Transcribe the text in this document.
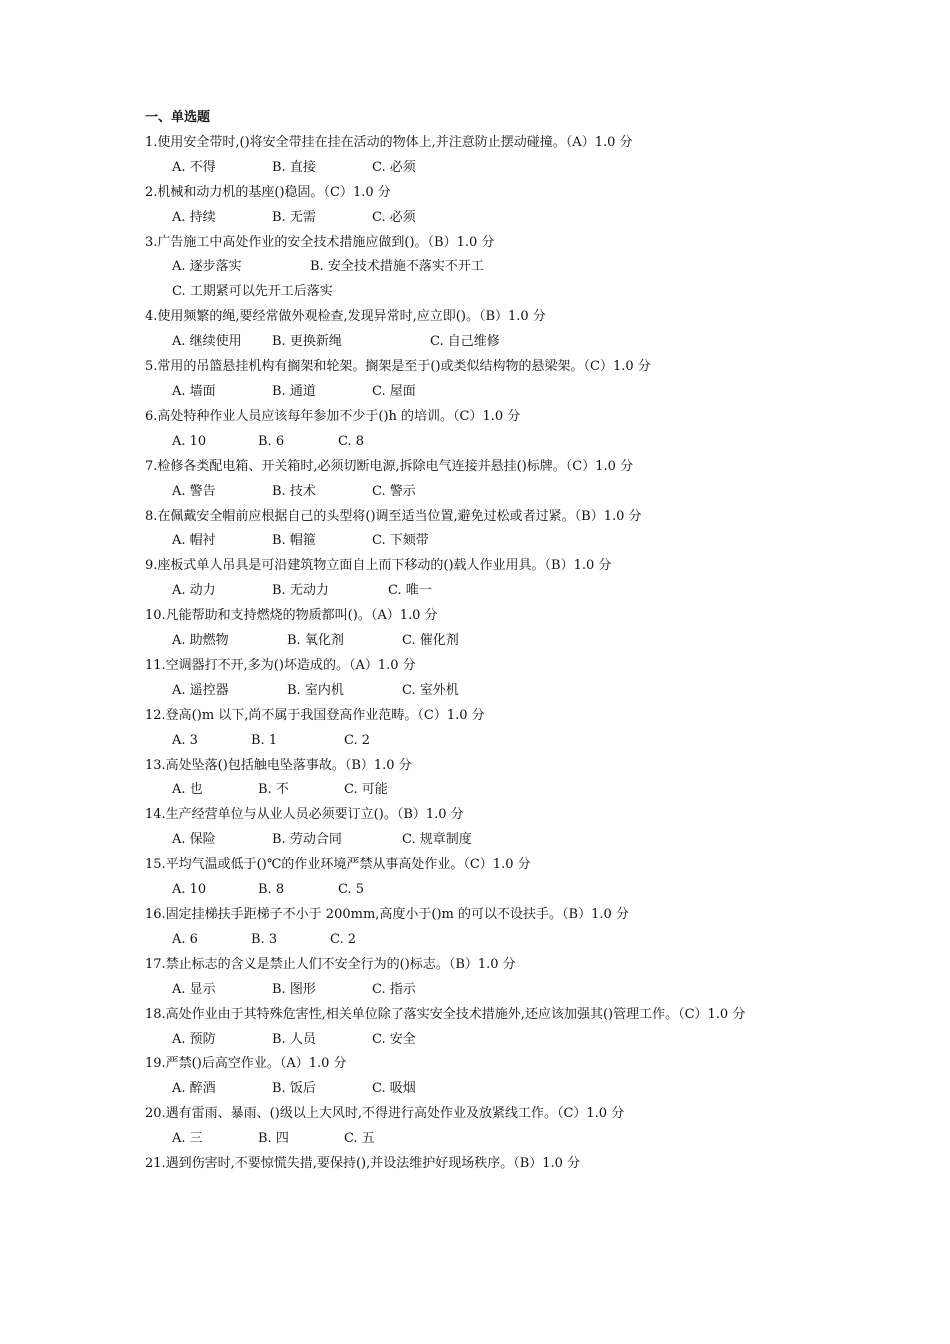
一、单选题
1.使用安全带时,()将安全带挂在挂在活动的物体上,并注意防止摆动碰撞。（A）1.0 分
A. 不得	B. 直接	C. 必须
2.机械和动力机的基座()稳固。（C）1.0 分
A. 持续	B. 无需	C. 必须
3.广告施工中高处作业的安全技术措施应做到()。（B）1.0 分
A. 逐步落实	B. 安全技术措施不落实不开工
C. 工期紧可以先开工后落实
4.使用频繁的绳,要经常做外观检查,发现异常时,应立即()。（B）1.0 分
A. 继续使用 B. 更换新绳	C. 自己维修
5.常用的吊篮悬挂机构有搁架和轮架。搁架是至于()或类似结构物的悬梁架。（C）1.0 分
A. 墙面	B. 通道	C. 屋面
6.高处特种作业人员应该每年参加不少于()h 的培训。（C）1.0 分
A. 10	B. 6	C. 8
7.检修各类配电箱、开关箱时,必须切断电源,拆除电气连接并悬挂()标牌。（C）1.0 分
A. 警告	B. 技术	C. 警示
8.在佩戴安全帽前应根据自己的头型将()调至适当位置,避免过松或者过紧。（B）1.0 分
A. 帽衬	B. 帽箍	C. 下颏带
9.座板式单人吊具是可沿建筑物立面自上而下移动的()载人作业用具。（B）1.0 分
A. 动力	B. 无动力	C. 唯一
10.凡能帮助和支持燃烧的物质都叫()。（A）1.0 分
A. 助燃物	B. 氧化剂	C. 催化剂
11.空调器打不开,多为()坏造成的。（A）1.0 分
A. 遥控器	B. 室内机	C. 室外机
12.登高()m 以下,尚不属于我国登高作业范畴。（C）1.0 分
A. 3	B. 1	C. 2
13.高处坠落()包括触电坠落事故。（B）1.0 分
A. 也	B. 不	C. 可能
14.生产经营单位与从业人员必须要订立()。（B）1.0 分
A. 保险	B. 劳动合同	C. 规章制度
15.平均气温或低于()℃的作业环境严禁从事高处作业。（C）1.0 分
A. 10	B. 8	C. 5
16.固定挂梯扶手距梯子不小于 200mm,高度小于()m 的可以不设扶手。（B）1.0 分
A. 6	B. 3	C. 2
17.禁止标志的含义是禁止人们不安全行为的()标志。（B）1.0 分
A. 显示	B. 图形	C. 指示
18.高处作业由于其特殊危害性,相关单位除了落实安全技术措施外,还应该加强其()管理工作。（C）1.0 分
A. 预防	B. 人员	C. 安全
19.严禁()后高空作业。（A）1.0 分
A. 醉酒	B. 饭后	C. 吸烟
20.遇有雷雨、暴雨、()级以上大风时,不得进行高处作业及放紧线工作。（C）1.0 分
A. 三	B. 四	C. 五
21.遇到伤害时,不要惊慌失措,要保持(),并设法维护好现场秩序。（B）1.0 分
